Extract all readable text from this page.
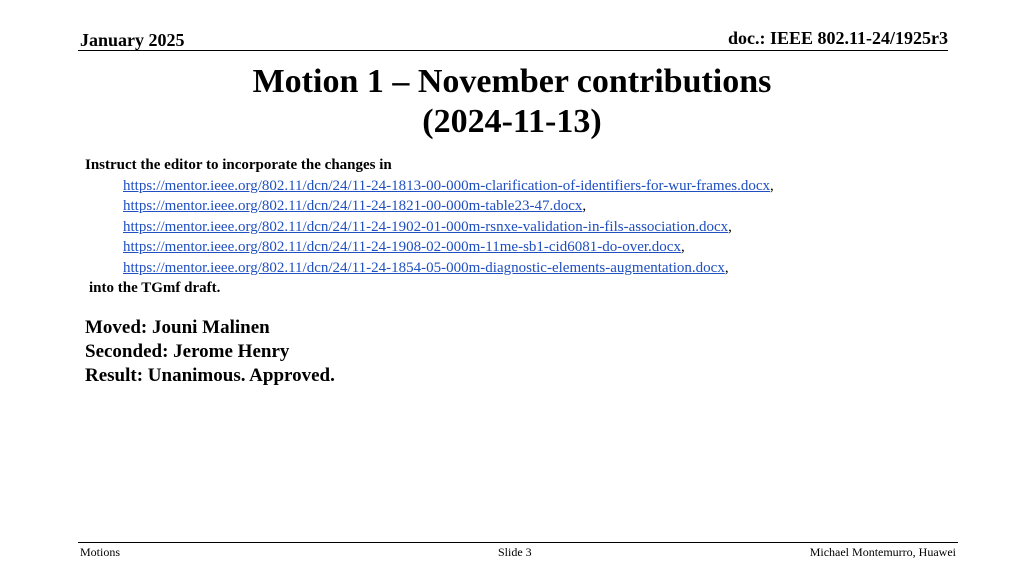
January 2025	doc.: IEEE 802.11-24/1925r3
Motion 1 – November contributions
(2024-11-13)
Instruct the editor to incorporate the changes in
https://mentor.ieee.org/802.11/dcn/24/11-24-1813-00-000m-clarification-of-identifiers-for-wur-frames.docx,
https://mentor.ieee.org/802.11/dcn/24/11-24-1821-00-000m-table23-47.docx,
https://mentor.ieee.org/802.11/dcn/24/11-24-1902-01-000m-rsnxe-validation-in-fils-association.docx,
https://mentor.ieee.org/802.11/dcn/24/11-24-1908-02-000m-11me-sb1-cid6081-do-over.docx,
https://mentor.ieee.org/802.11/dcn/24/11-24-1854-05-000m-diagnostic-elements-augmentation.docx,
into the TGmf draft.
Moved: Jouni Malinen
Seconded: Jerome Henry
Result: Unanimous. Approved.
Motions	Slide 3	Michael Montemurro, Huawei
